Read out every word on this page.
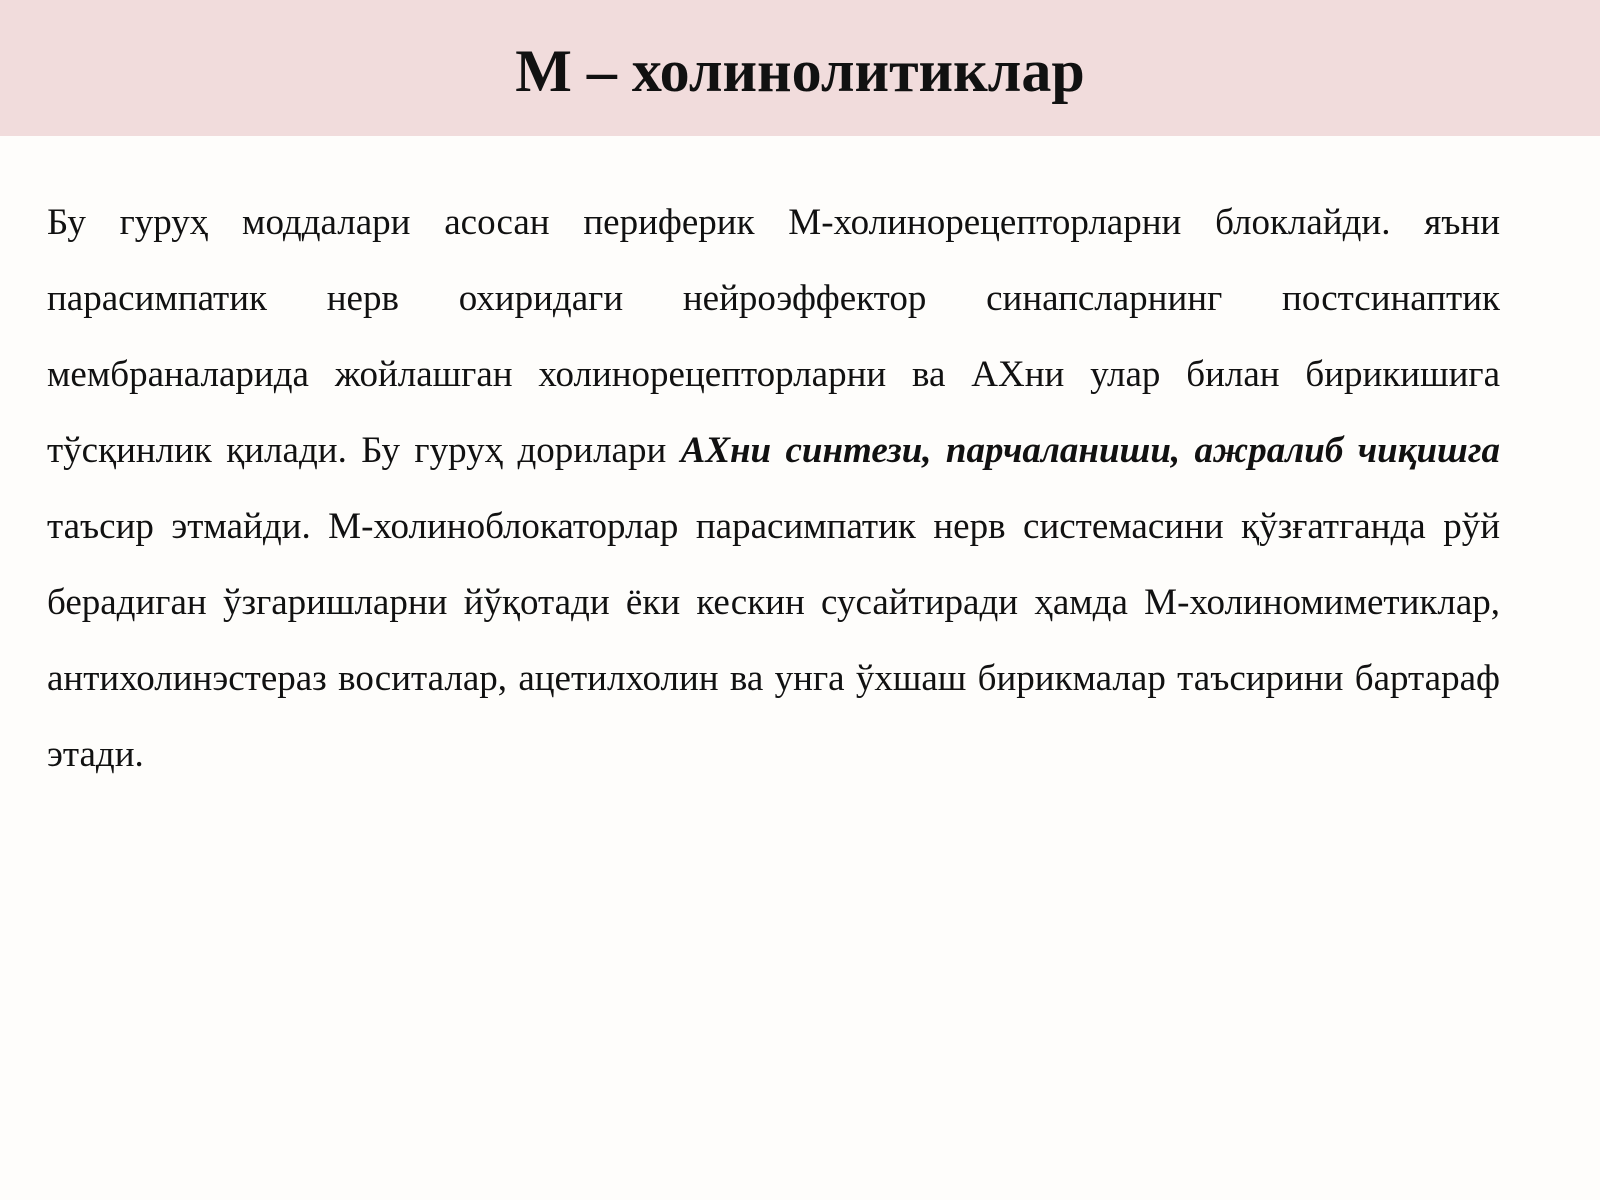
М – холинолитиклар

Бу гуруҳ моддалари асосан периферик М-холинорецепторларни блоклайди. яъни парасимпатик нерв охиридаги нейроэффектор синапсларнинг постсинаптик мембраналарида жойлашган холинорецепторларни ва АХни улар билан бирикишига тўсқинлик қилади. Бу гуруҳ дорилари АХни синтези, парчаланиши, ажралиб чиқишга таъсир этмайди. М-холиноблокаторлар парасимпатик нерв системасини қўзғатганда рўй берадиган ўзгаришларни йўқотади ёки кескин сусайтиради ҳамда М-холиномиметиклар, антихолинэстераз воситалар, ацетилхолин ва унга ўхшаш бирикмалар таъсирини бартараф этади.
